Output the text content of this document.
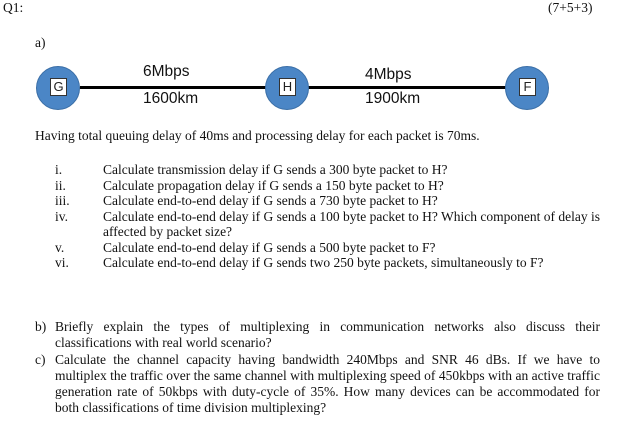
Q1:	(7+5+3)
a)
G	H	F
6Mbps
1600km
4Mbps
1900km
Having total queuing delay of 40ms and processing delay for each packet is 70ms.
i.	Calculate transmission delay if G sends a 300 byte packet to H?
ii.	Calculate propagation delay if G sends a 150 byte packet to H?
iii.	Calculate end-to-end delay if G sends a 730 byte packet to H?
iv.	Calculate end-to-end delay if G sends a 100 byte packet to H? Which component of delay is affected by packet size?
v.	Calculate end-to-end delay if G sends a 500 byte packet to F?
vi.	Calculate end-to-end delay if G sends two 250 byte packets, simultaneously to F?
b) Briefly explain the types of multiplexing in communication networks also discuss their classifications with real world scenario?
c) Calculate the channel capacity having bandwidth 240Mbps and SNR 46 dBs. If we have to multiplex the traffic over the same channel with multiplexing speed of 450kbps with an active traffic generation rate of 50kbps with duty-cycle of 35%. How many devices can be accommodated for both classifications of time division multiplexing?
